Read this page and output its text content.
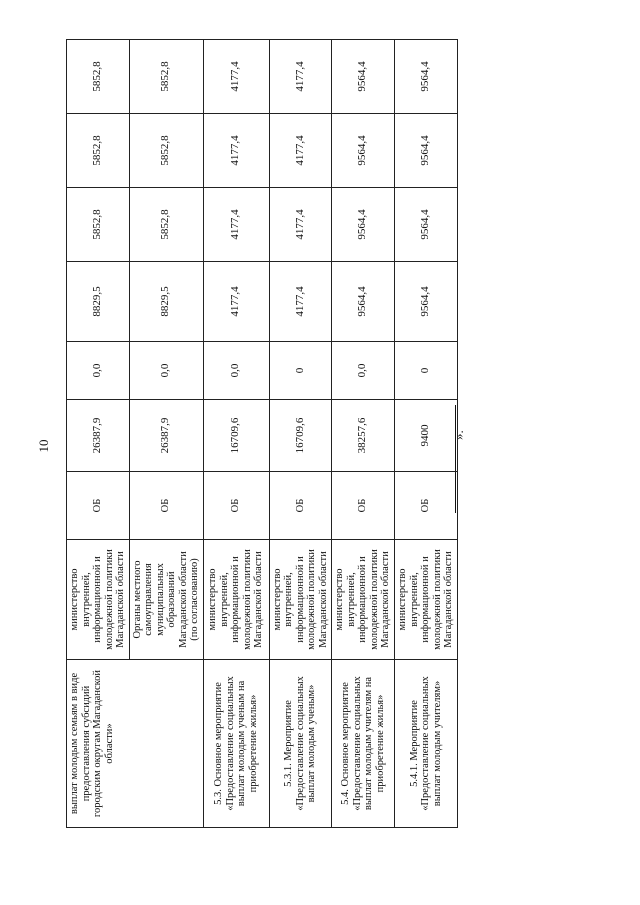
10
».
выплат молодым семьям в виде предоставления субсидий городским округам Магаданской области»	министерство внутренней, информационной и молодежной политики Магаданской области	ОБ	26387,9	0,0	8829,5	5852,8	5852,8	5852,8
	Органы местного самоуправления муниципальных образований Магаданской области (по согласованию)	ОБ	26387,9	0,0	8829,5	5852,8	5852,8	5852,8
5.3. Основное мероприятие «Предоставление социальных выплат молодым ученым на приобретение жилья»	министерство внутренней, информационной и молодежной политики Магаданской области	ОБ	16709,6	0,0	4177,4	4177,4	4177,4	4177,4
5.3.1. Мероприятие «Предоставление социальных выплат молодым ученым»	министерство внутренней, информационной и молодежной политики Магаданской области	ОБ	16709,6	0	4177,4	4177,4	4177,4	4177,4
5.4. Основное мероприятие «Предоставление социальных выплат молодым учителям на приобретение жилья»	министерство внутренней, информационной и молодежной политики Магаданской области	ОБ	38257,6	0,0	9564,4	9564,4	9564,4	9564,4
5.4.1. Мероприятие «Предоставление социальных выплат молодым учителям»	министерство внутренней, информационной и молодежной политики Магаданской области	ОБ	9400	0	9564,4	9564,4	9564,4	9564,4
